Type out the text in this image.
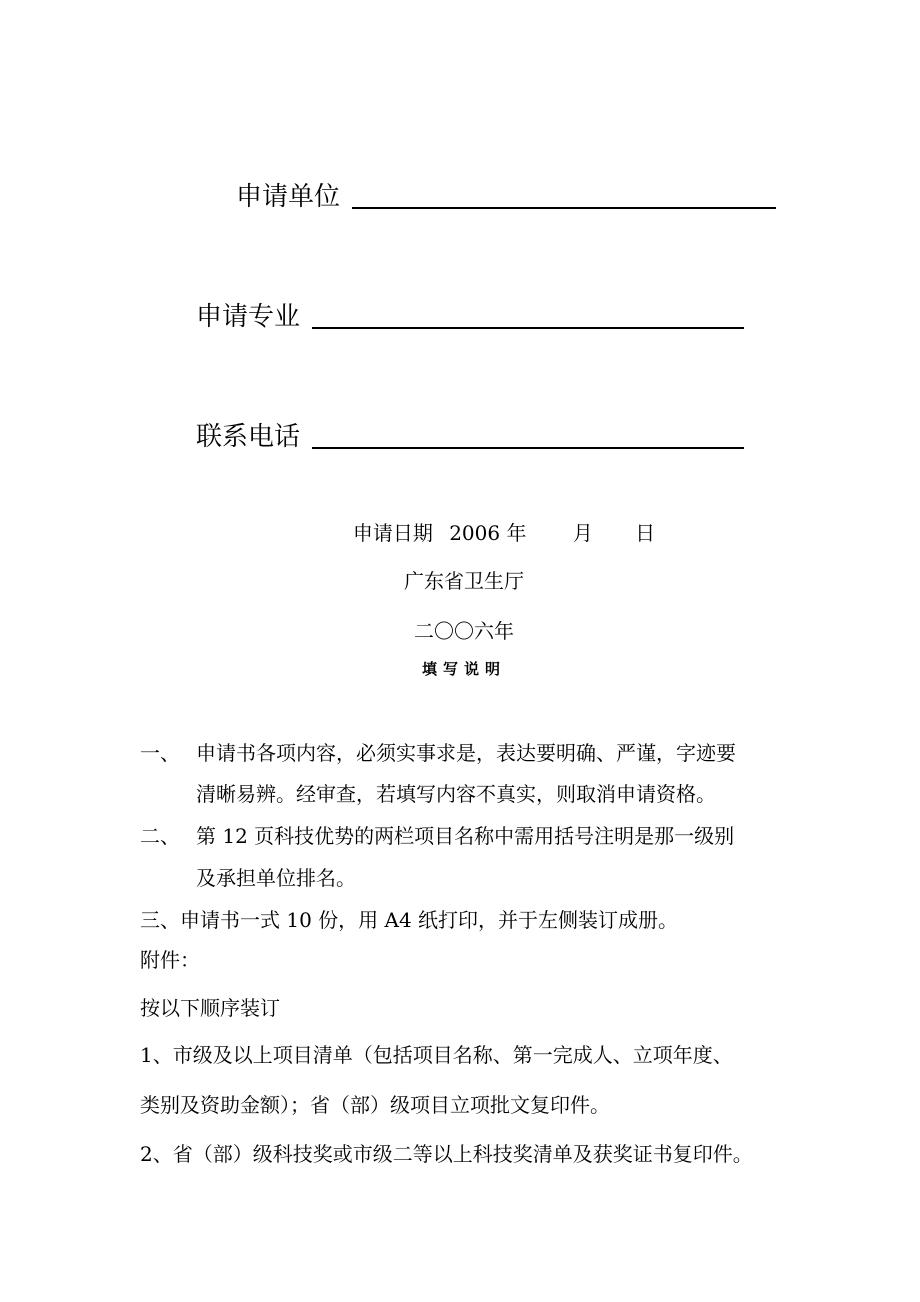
申请单位
申请专业
联系电话
申请日期 2006 年 月 日
广东省卫生厅
二〇〇六年
填写说明
一、 申请书各项内容，必须实事求是，表达要明确、严谨，字迹要
清晰易辨。经审查，若填写内容不真实，则取消申请资格。
二、 第 12 页科技优势的两栏项目名称中需用括号注明是那一级别
及承担单位排名。
三、申请书一式 10 份，用 A4 纸打印，并于左侧装订成册。
附件：
按以下顺序装订
1、市级及以上项目清单（包括项目名称、第一完成人、立项年度、
类别及资助金额）；省（部）级项目立项批文复印件。
2、省（部）级科技奖或市级二等以上科技奖清单及获奖证书复印件。
